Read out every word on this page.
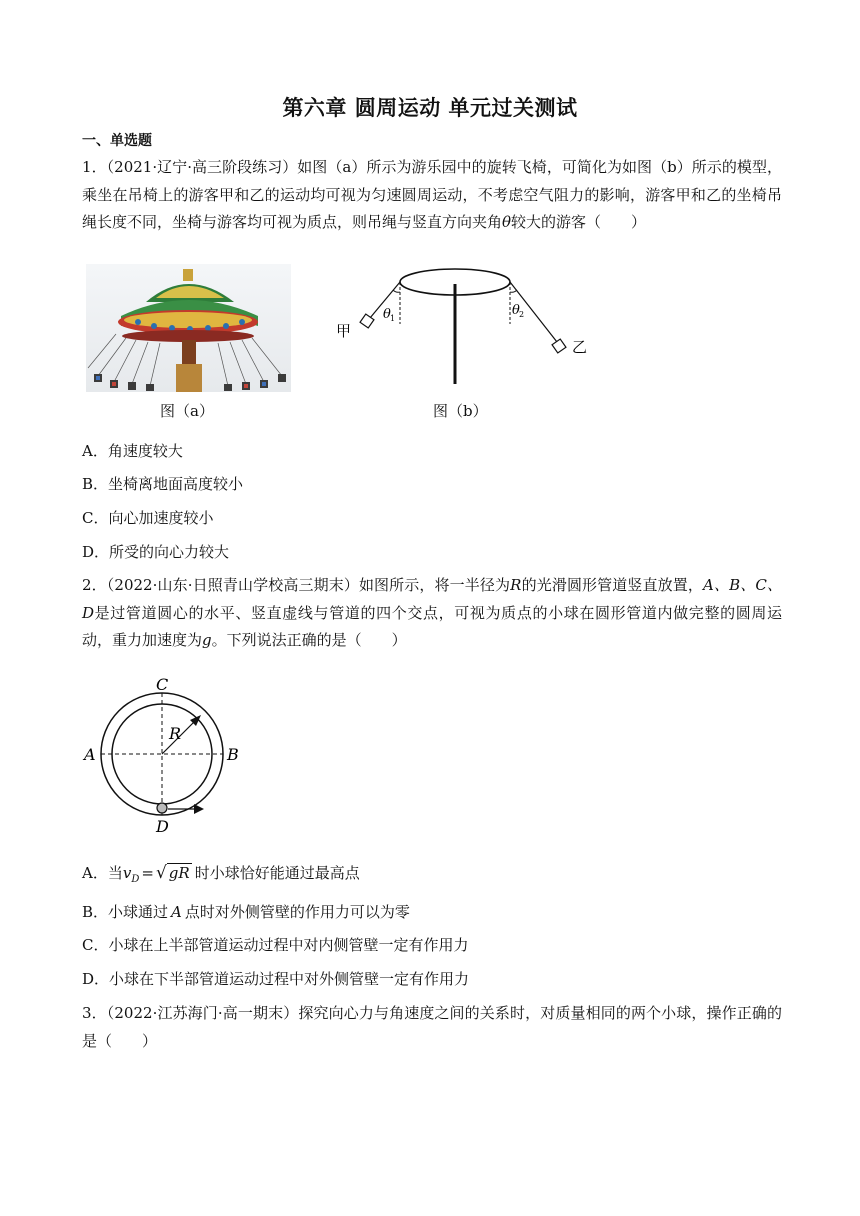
第六章 圆周运动 单元过关测试
一、单选题
1．（2021·辽宁·高三阶段练习）如图（a）所示为游乐园中的旋转飞椅，可简化为如图（b）所示的模型，乘坐在吊椅上的游客甲和乙的运动均可视为匀速圆周运动，不考虑空气阻力的影响，游客甲和乙的坐椅吊绳长度不同，坐椅与游客均可视为质点，则吊绳与竖直方向夹角θ较大的游客（　　）
图（a）
θ 1
θ 2
甲
乙
图（b）
A．角速度较大
B．坐椅离地面高度较小
C．向心加速度较小
D．所受的向心力较大
2．（2022·山东·日照青山学校高三期末）如图所示，将一半径为R的光滑圆形管道竖直放置，A、B、C、D是过管道圆心的水平、竖直虚线与管道的四个交点，可视为质点的小球在圆形管道内做完整的圆周运动，重力加速度为g。下列说法正确的是（　　）
C
A	B
D
R
A．当$v_D$ = √ gR 时小球恰好能通过最高点
B．小球通过 A 点时对外侧管壁的作用力可以为零
C．小球在上半部管道运动过程中对内侧管壁一定有作用力
D．小球在下半部管道运动过程中对外侧管壁一定有作用力
3．（2022·江苏海门·高一期末）探究向心力与角速度之间的关系时，对质量相同的两个小球，操作正确的是（　　）
